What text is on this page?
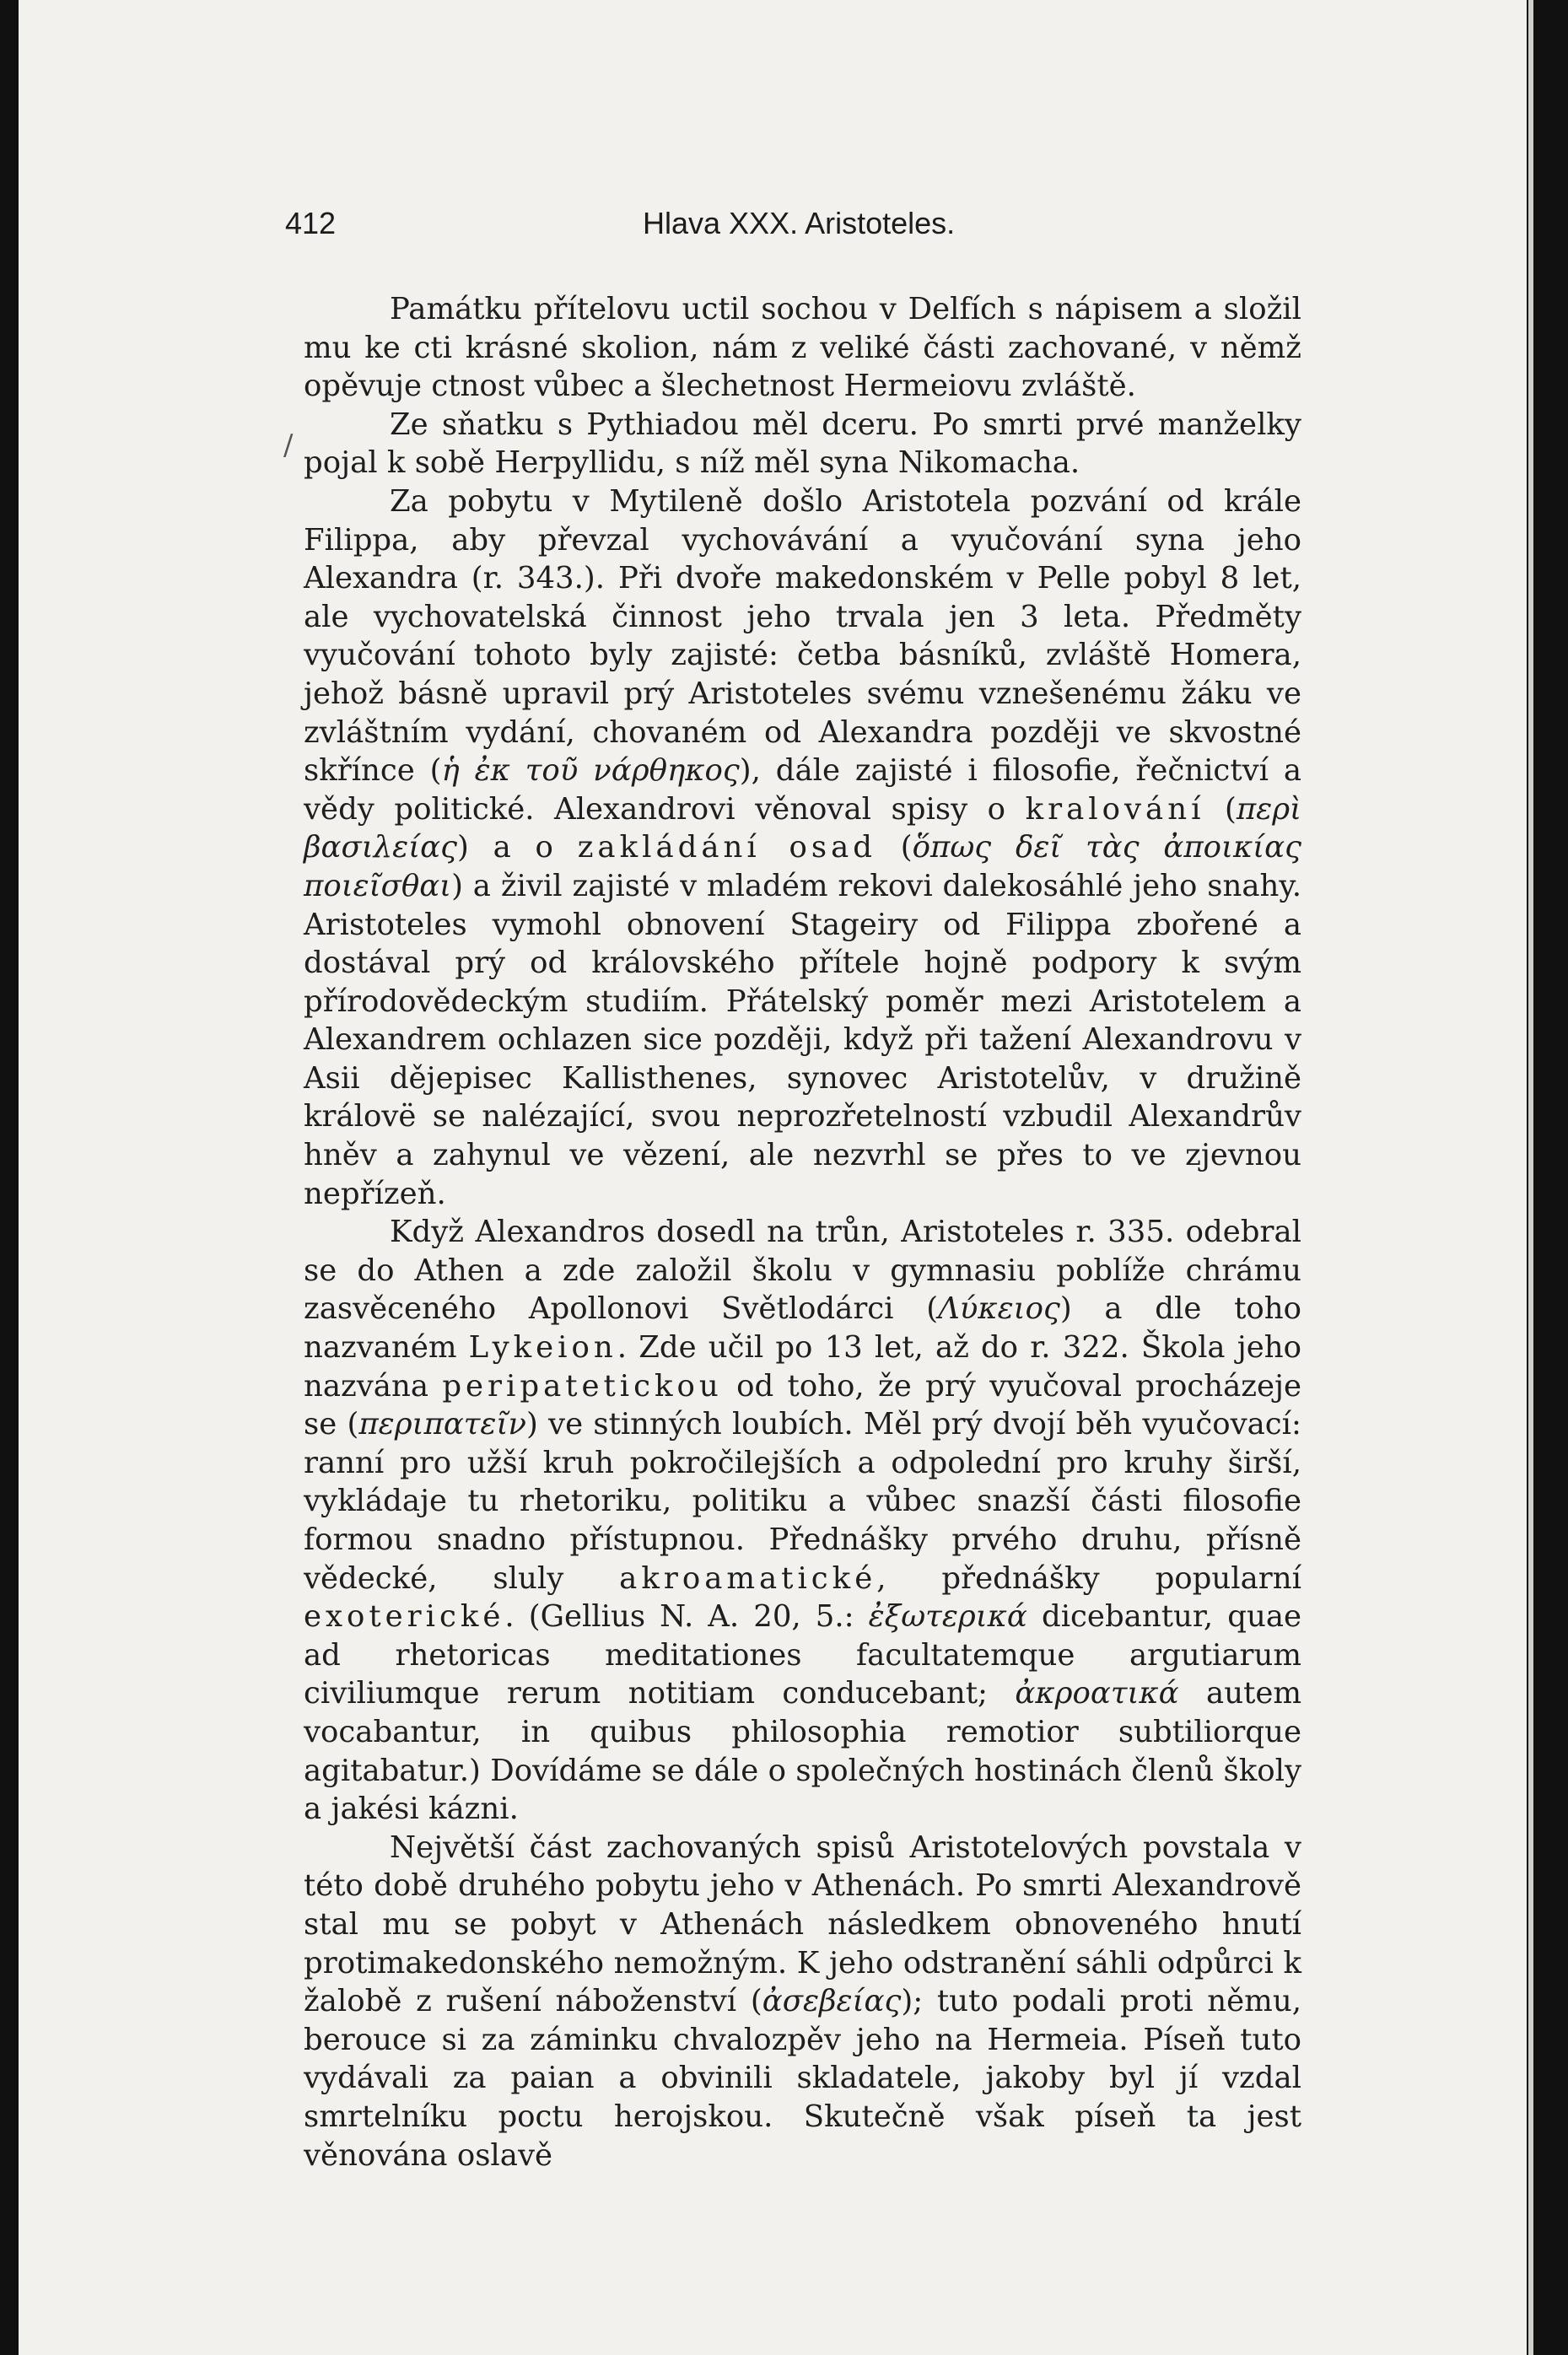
412	Hlava XXX. Aristoteles.
/

Památku přítelovu uctil sochou v Delfích s nápisem a složil mu ke cti krásné skolion, nám z veliké části zachované, v němž opěvuje ctnost vůbec a šlechetnost Hermeiovu zvláště.

Ze sňatku s Pythiadou měl dceru. Po smrti prvé manželky pojal k sobě Herpyllidu, s níž měl syna Nikomacha.

Za pobytu v Mytileně došlo Aristotela pozvání od krále Filippa, aby převzal vychovávání a vyučování syna jeho Alexandra (r. 343.). Při dvoře makedonském v Pelle pobyl 8 let, ale vychovatelská činnost jeho trvala jen 3 leta. Předměty vyučování tohoto byly zajisté: četba básníků, zvláště Homera, jehož básně upravil prý Aristoteles svému vznešenému žáku ve zvláštním vydání, chovaném od Alexandra později ve skvostné skřínce (ἡ ἐκ τοῦ νάρθηκος), dále zajisté i filosofie, řečnictví a vědy politické. Alexandrovi věnoval spisy o kralování (περὶ βασιλείας) a o zakládání osad (ὅπως δεῖ τὰς ἀποικίας ποιεῖσθαι) a živil zajisté v mladém rekovi dalekosáhlé jeho snahy. Aristoteles vymohl obnovení Stageiry od Filippa zbořené a dostával prý od královského přítele hojně podpory k svým přírodovědeckým studiím. Přátelský poměr mezi Aristotelem a Alexandrem ochlazen sice později, když při tažení Alexandrovu v Asii dějepisec Kallisthenes, synovec Aristotelův, v družině královë se nalézající, svou neprozřetelností vzbudil Alexandrův hněv a zahynul ve vězení, ale nezvrhl se přes to ve zjevnou nepřízeň.

Když Alexandros dosedl na trůn, Aristoteles r. 335. odebral se do Athen a zde založil školu v gymnasiu poblíže chrámu zasvěceného Apollonovi Světlodárci (Λύκειος) a dle toho nazvaném Lykeion. Zde učil po 13 let, až do r. 322. Škola jeho nazvána peripatetickou od toho, že prý vyučoval procházeje se (περιπατεῖν) ve stinných loubích. Měl prý dvojí běh vyučovací: ranní pro užší kruh pokročilejších a odpolední pro kruhy širší, vykládaje tu rhetoriku, politiku a vůbec snazší části filosofie formou snadno přístupnou. Přednášky prvého druhu, přísně vědecké, sluly akroamatické, přednášky popularní exoterické. (Gellius N. A. 20, 5.: ἐξωτερικά dicebantur, quae ad rhetoricas meditationes facultatemque argutiarum civiliumque rerum notitiam conducebant; ἀκροατικά autem vocabantur, in quibus philosophia remotior subtiliorque agitabatur.) Dovídáme se dále o společných hostinách členů školy a jakési kázni.

Největší část zachovaných spisů Aristotelových povstala v této době druhého pobytu jeho v Athenách. Po smrti Alexandrově stal mu se pobyt v Athenách následkem obnoveného hnutí protimakedonského nemožným. K jeho odstranění sáhli odpůrci k žalobě z rušení náboženství (ἀσεβείας); tuto podali proti němu, berouce si za záminku chvalozpěv jeho na Hermeia. Píseň tuto vydávali za paian a obvinili skladatele, jakoby byl jí vzdal smrtelníku poctu herojskou. Skutečně však píseň ta jest věnována oslavě
